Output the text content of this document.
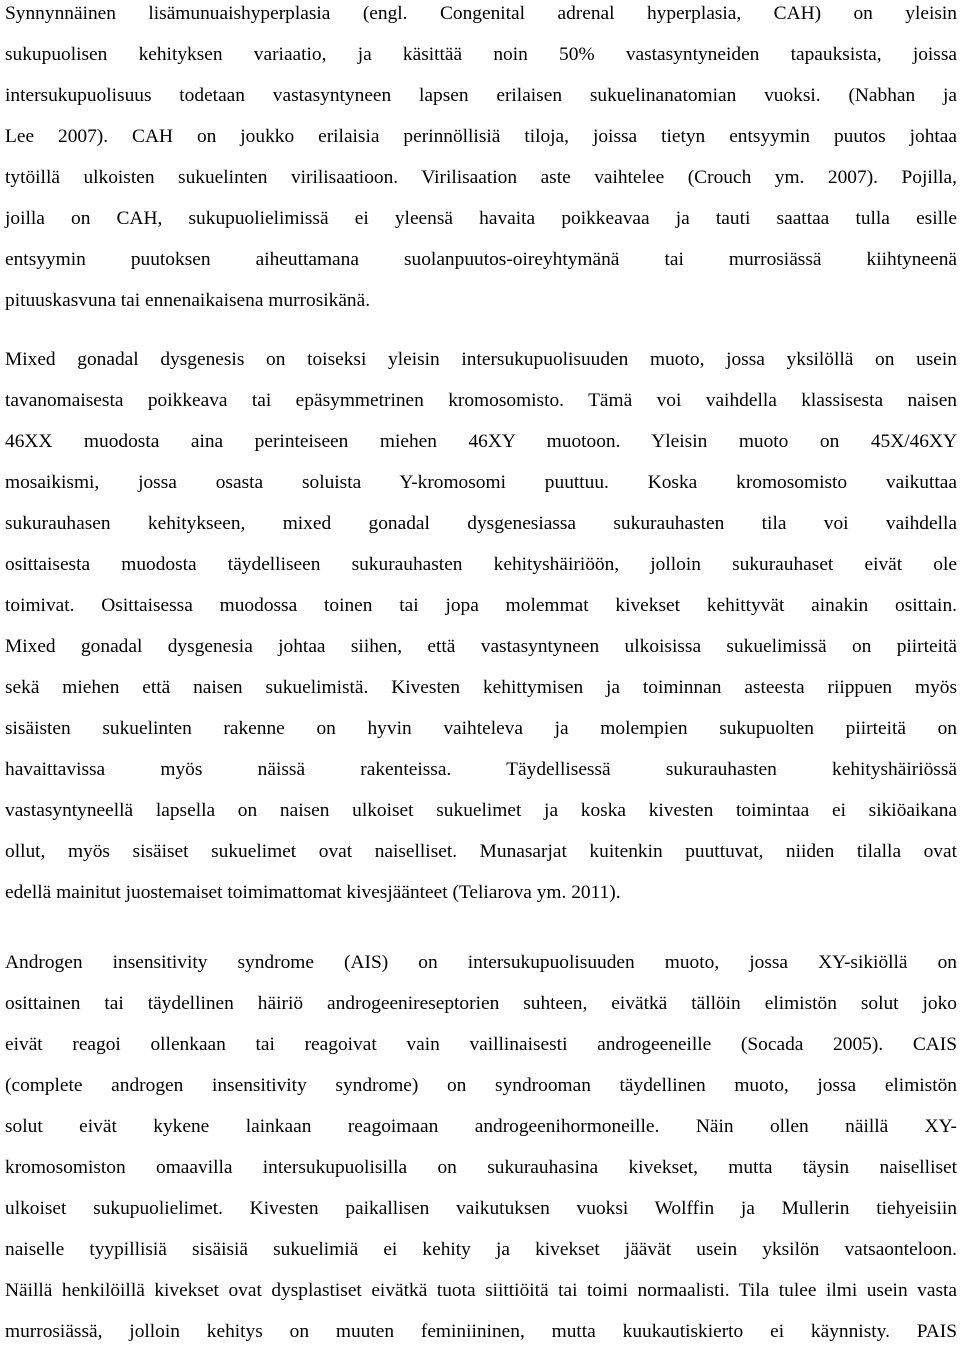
Synnynnäinen lisämunuaishyperplasia (engl. Congenital adrenal hyperplasia, CAH) on yleisin
sukupuolisen kehityksen variaatio, ja käsittää noin 50% vastasyntyneiden tapauksista, joissa
intersukupuolisuus todetaan vastasyntyneen lapsen erilaisen sukuelinanatomian vuoksi. (Nabhan ja
Lee 2007). CAH on joukko erilaisia perinnöllisiä tiloja, joissa tietyn entsyymin puutos johtaa
tytöillä ulkoisten sukuelinten virilisaatioon. Virilisaation aste vaihtelee (Crouch ym. 2007). Pojilla,
joilla on CAH, sukupuolielimissä ei yleensä havaita poikkeavaa ja tauti saattaa tulla esille
entsyymin puutoksen aiheuttamana suolanpuutos-oireyhtymänä tai murrosiässä kiihtyneenä
pituuskasvuna tai ennenaikaisena murrosikänä.
Mixed gonadal dysgenesis on toiseksi yleisin intersukupuolisuuden muoto, jossa yksilöllä on usein
tavanomaisesta poikkeava tai epäsymmetrinen kromosomisto. Tämä voi vaihdella klassisesta naisen
46XX muodosta aina perinteiseen miehen 46XY muotoon. Yleisin muoto on 45X/46XY
mosaikismi, jossa osasta soluista Y-kromosomi puuttuu. Koska kromosomisto vaikuttaa
sukurauhasen kehitykseen, mixed gonadal dysgenesiassa sukurauhasten tila voi vaihdella
osittaisesta muodosta täydelliseen sukurauhasten kehityshäiriöön, jolloin sukurauhaset eivät ole
toimivat. Osittaisessa muodossa toinen tai jopa molemmat kivekset kehittyvät ainakin osittain.
Mixed gonadal dysgenesia johtaa siihen, että vastasyntyneen ulkoisissa sukuelimissä on piirteitä
sekä miehen että naisen sukuelimistä. Kivesten kehittymisen ja toiminnan asteesta riippuen myös
sisäisten sukuelinten rakenne on hyvin vaihteleva ja molempien sukupuolten piirteitä on
havaittavissa myös näissä rakenteissa. Täydellisessä sukurauhasten kehityshäiriössä
vastasyntyneellä lapsella on naisen ulkoiset sukuelimet ja koska kivesten toimintaa ei sikiöaikana
ollut, myös sisäiset sukuelimet ovat naiselliset. Munasarjat kuitenkin puuttuvat, niiden tilalla ovat
edellä mainitut juostemaiset toimimattomat kivesjäänteet (Teliarova ym. 2011).
Androgen insensitivity syndrome (AIS) on intersukupuolisuuden muoto, jossa XY-sikiöllä on
osittainen tai täydellinen häiriö androgeenireseptorien suhteen, eivätkä tällöin elimistön solut joko
eivät reagoi ollenkaan tai reagoivat vain vaillinaisesti androgeeneille (Socada 2005). CAIS
(complete androgen insensitivity syndrome) on syndrooman täydellinen muoto, jossa elimistön
solut eivät kykene lainkaan reagoimaan androgeenihormoneille. Näin ollen näillä XY-
kromosomiston omaavilla intersukupuolisilla on sukurauhasina kivekset, mutta täysin naiselliset
ulkoiset sukupuolielimet. Kivesten paikallisen vaikutuksen vuoksi Wolffin ja Mullerin tiehyeisiin
naiselle tyypillisiä sisäisiä sukuelimiä ei kehity ja kivekset jäävät usein yksilön vatsaonteloon.
Näillä henkilöillä kivekset ovat dysplastiset eivätkä tuota siittiöitä tai toimi normaalisti. Tila tulee ilmi usein vasta
murrosiässä, jolloin kehitys on muuten feminiininen, mutta kuukautiskierto ei käynnisty. PAIS
